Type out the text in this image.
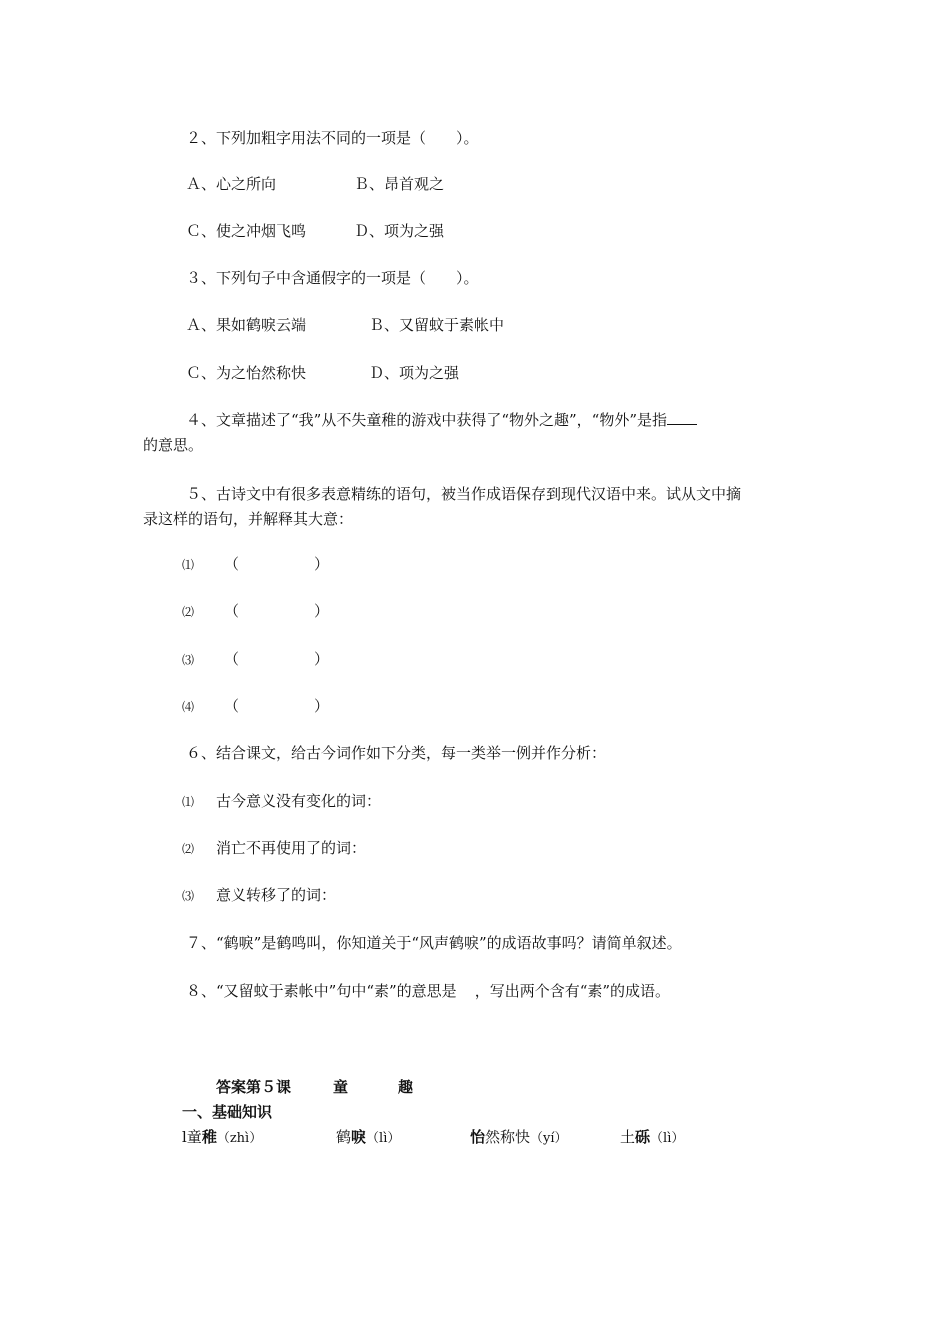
２、下列加粗字用法不同的一项是（　　）。
Ａ、心之所向	Ｂ、昂首观之
Ｃ、使之冲烟飞鸣	Ｄ、项为之强
３、下列句子中含通假字的一项是（　　）。
Ａ、果如鹤唳云端	Ｂ、又留蚊于素帐中
Ｃ、为之怡然称快	Ｄ、项为之强
４、文章描述了“我”从不失童稚的游戏中获得了“物外之趣”，“物外”是指
的意思。
５、古诗文中有很多表意精练的语句，被当作成语保存到现代汉语中来。试从文中摘
录这样的语句，并解释其大意：
⑴ （	）
⑵ （	）
⑶ （	）
⑷ （	）
６、结合课文，给古今词作如下分类，每一类举一例并作分析：
⑴ 古今意义没有变化的词：
⑵ 消亡不再使用了的词：
⑶ 意义转移了的词：
７、“鹤唳”是鹤鸣叫，你知道关于“风声鹤唳”的成语故事吗？请简单叙述。
８、“又留蚊于素帐中”句中“素”的意思是 ，写出两个含有“素”的成语。
答案第５课	童	趣
一、基础知识
l童稚（zhì）	鹤唳（lì）	怡然称快（yí）	土砾（lì）
